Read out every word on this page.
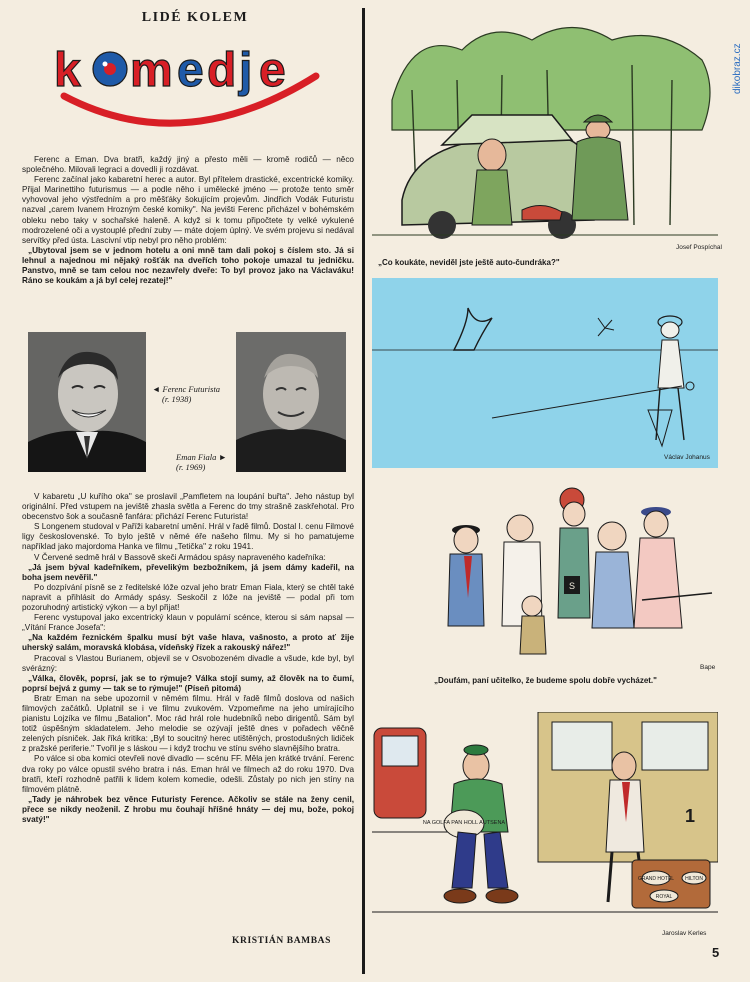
LIDÉ KOLEM
k m e d j e

Ferenc a Eman. Dva bratři, každý jiný a přesto měli — kromě rodičů — něco společného. Milovali legraci a dovedli ji rozdávat.

Ferenc začínal jako kabaretní herec a autor. Byl přítelem drastické, excentrické komiky. Přijal Marinettiho futurismus — a podle něho i umělecké jméno — protože tento směr vyhovoval jeho výstředním a pro měšťáky šokujícím projevům. Jindřich Vodák Futuristu nazval „carem Ivanem Hrozným české komiky". Na jevišti Ferenc přicházel v bohémském obleku nebo taky v sochařské haleně. A když si k tomu připočtete ty velké vykulené modrozelené oči a vystouplé přední zuby — máte dojem úplný. Ve svém projevu si nedával servítky před ústa. Lascivní vtip nebyl pro něho problém:

„Ubytoval jsem se v jednom hotelu a oni mně tam dali pokoj s číslem sto. Já si lehnul a najednou mi nějaký rošťák na dveřích toho pokoje umazal tu jedničku. Panstvo, mně se tam celou noc nezavřely dveře: To byl provoz jako na Václaváku! Ráno se koukám a já byl celej rezatej!"

◄ Ferenc Futurista
(r. 1938)
Eman Fiala ►
(r. 1969)

V kabaretu „U kuřího oka" se proslavil „Pamfletem na loupání buřta". Jeho nástup byl originální. Před vstupem na jeviště zhasla světla a Ferenc do tmy strašně zaskřehotal. Pro obecenstvo šok a současně fanfára: přichází Ferenc Futurista!

S Longenem studoval v Paříži kabaretní umění. Hrál v řadě filmů. Dostal I. cenu Filmové ligy československé. To bylo ještě v němé éře našeho filmu. My si ho pamatujeme například jako majordoma Hanka ve filmu „Tetička" z roku 1941.

V Červené sedmě hrál v Bassově skeči Armádou spásy napraveného kadeřníka:

„Já jsem býval kadeřníkem, převelikým bezbožníkem, já jsem dámy kadeřil, na boha jsem nevěřil."

Po dozpívání písně se z ředitelské lóže ozval jeho bratr Eman Fiala, který se chtěl také napravit a přihlásit do Armády spásy. Seskočil z lóže na jeviště — podal při tom pozoruhodný artistický výkon — a byl přijat!

Ferenc vystupoval jako excentrický klaun v populární scénce, kterou si sám napsal — „Vítání France Josefa":

„Na každém řeznickém špalku musí být vaše hlava, vašnosto, a proto ať žije uherský salám, moravská klobása, vídeňský řízek a rakouský nářez!"

Pracoval s Vlastou Burianem, objevil se v Osvobozeném divadle a všude, kde byl, byl svérázný:

„Válka, člověk, poprsí, jak se to rýmuje? Válka stojí sumy, až člověk na to čumí, poprsí bejvá z gumy — tak se to rýmuje!" (Píseň pitomá)

Bratr Eman na sebe upozornil v němém filmu. Hrál v řadě filmů doslova od našich filmových začátků. Uplatnil se i ve filmu zvukovém. Vzpomeňme na jeho umírajícího pianistu Lojzíka ve filmu „Batalion". Moc rád hrál role hudebníků nebo dirigentů. Sám byl totiž úspěšným skladatelem. Jeho melodie se ozývají ještě dnes v pořadech věčně zelených písniček. Jak říká kritika: „Byl to soucitný herec utištěných, prostodušných lidiček z pražské periferie." Tvořil je s láskou — i když trochu ve stínu svého slavnějšího bratra.

Po válce si oba komici otevřeli nové divadlo — scénu FF. Měla jen krátké trvání. Ferenc dva roky po válce opustil svého bratra i nás. Eman hrál ve filmech až do roku 1970. Dva bratři, kteří rozhodně patřili k lidem kolem komedie, odešli. Zůstaly po nich jen stíny na filmovém plátně.

„Tady je náhrobek bez věnce Futuristy Ference. Ačkoliv se stále na ženy cenil, přece se nikdy neoženil. Z hrobu mu čouhají hříšné hnáty — dej mu, bože, pokoj svatý!"

KRISTIÁN BAMBAS
Josef Pospíchal
„Co koukáte, neviděl jste ještě auto-čundráka?"
Václav Johanus
S
Bape
„Doufám, paní učitelko, že budeme spolu dobře vycházet."
1
NA GOLFA PAN HOLL AUTSENA
GRAND HOTEL HILTON
ROYAL
Jaroslav Kerles
dikobraz.cz
5
